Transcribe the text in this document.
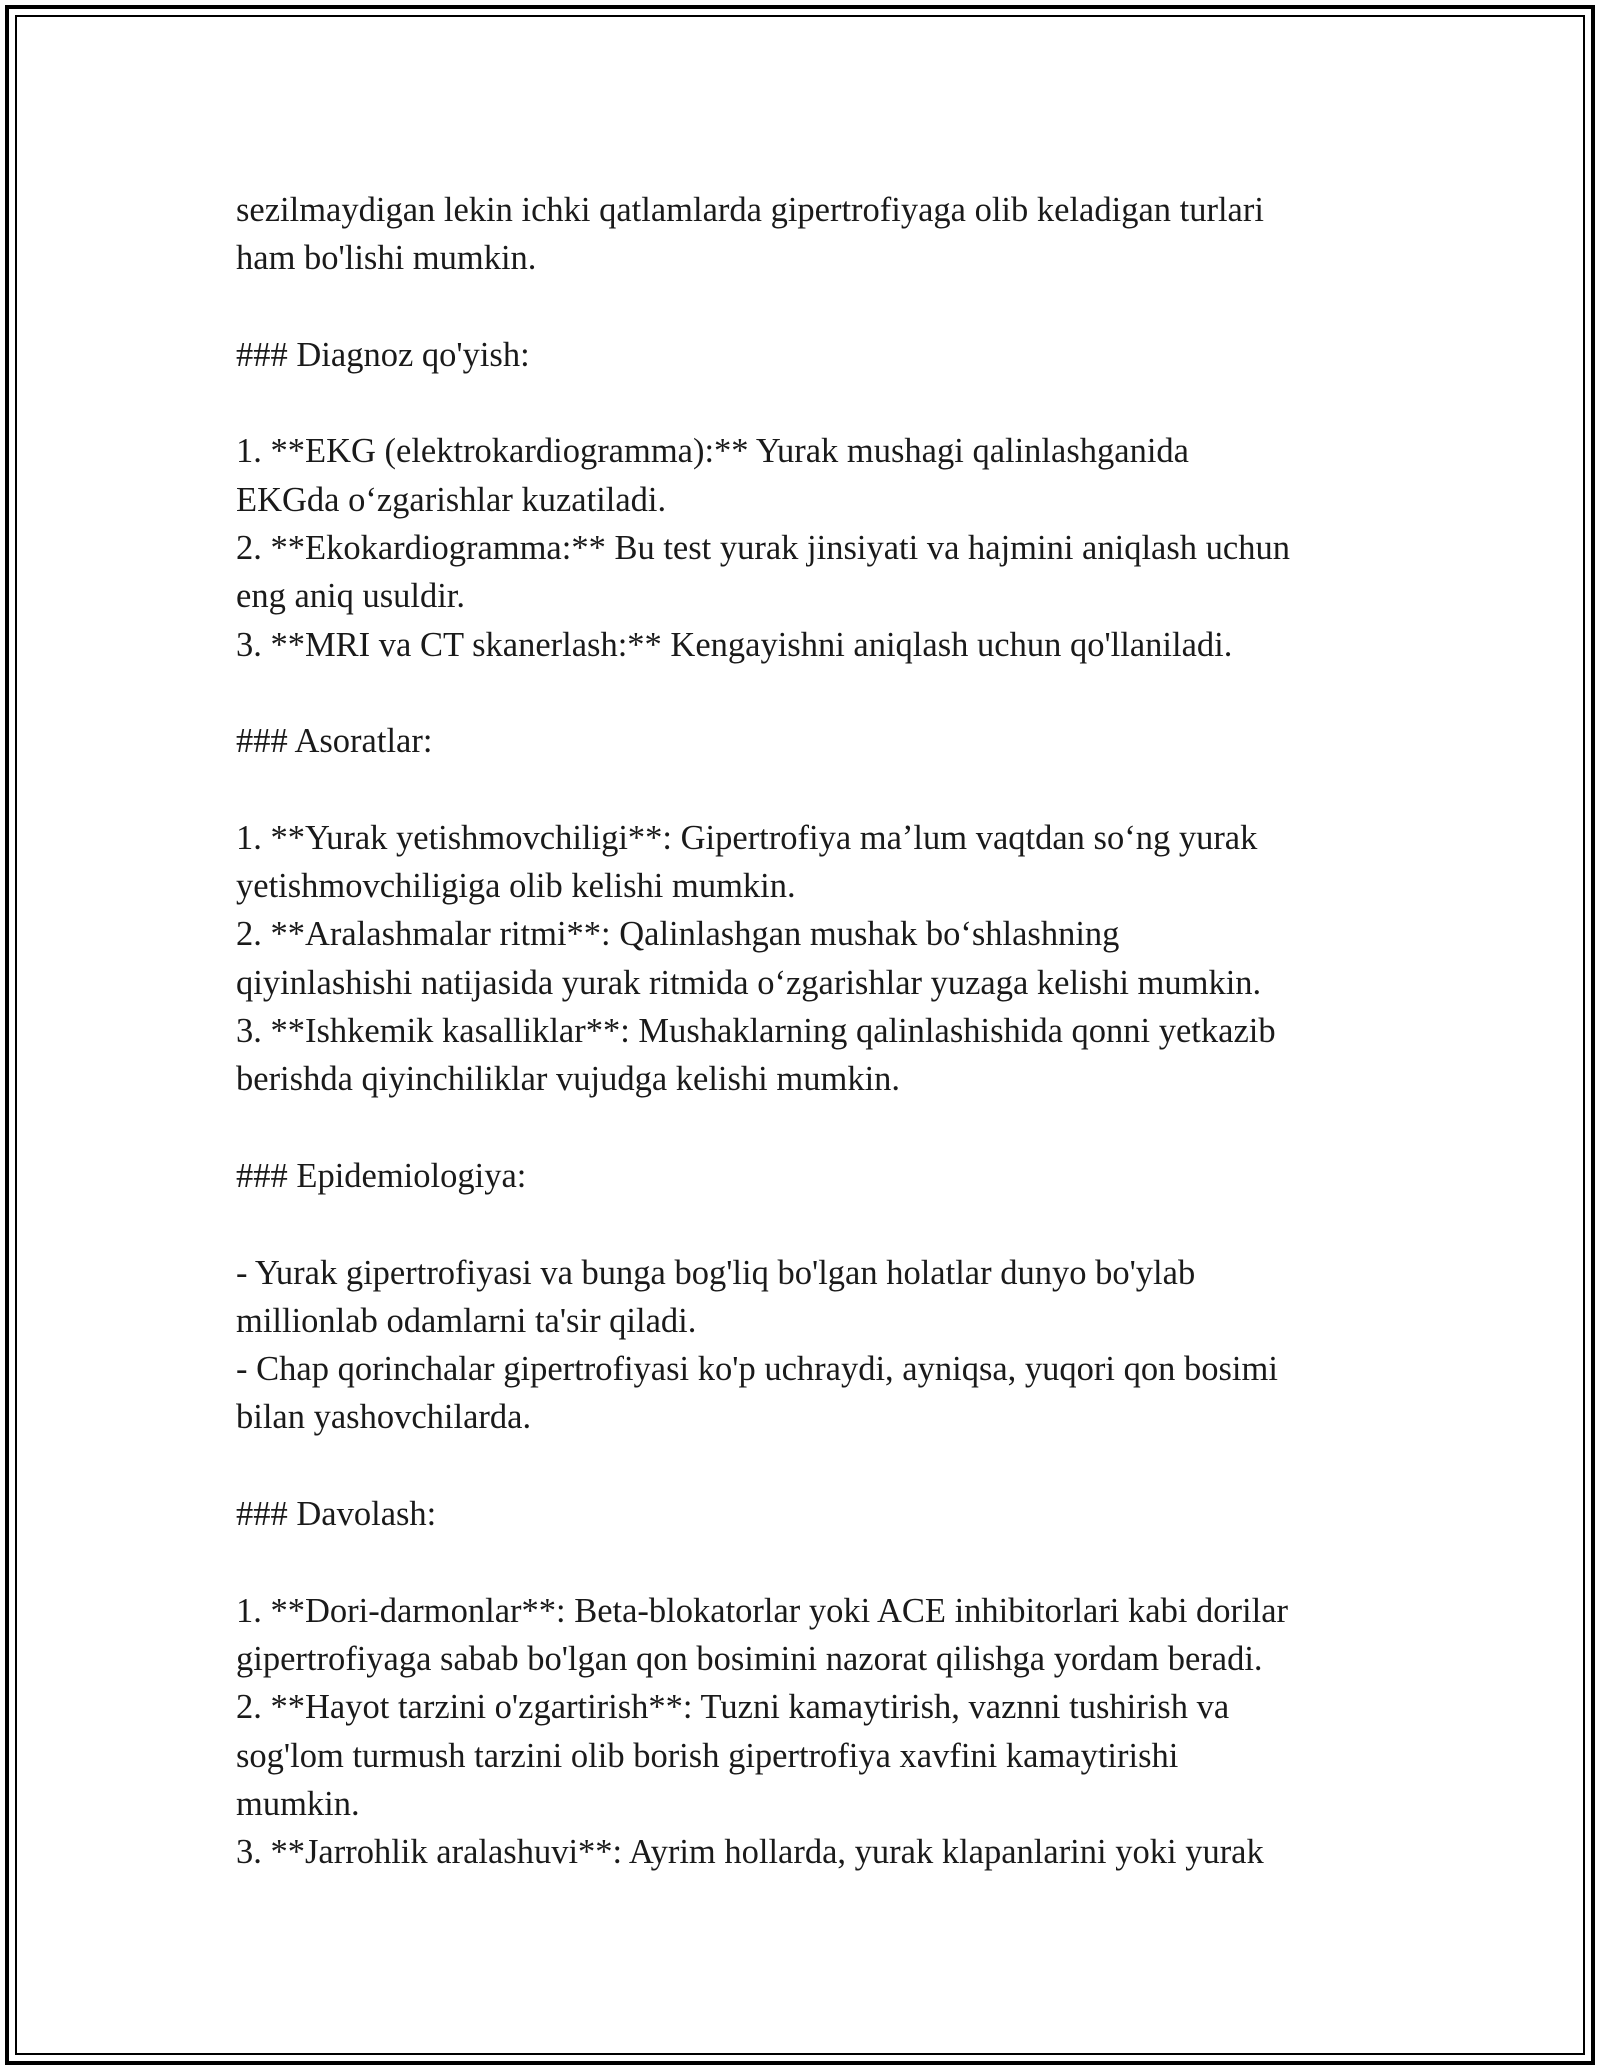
sezilmaydigan lekin ichki qatlamlarda gipertrofiyaga olib keladigan turlari
ham bo'lishi mumkin.
### Diagnoz qo'yish:
1. **EKG (elektrokardiogramma):** Yurak mushagi qalinlashganida
EKGda oʻzgarishlar kuzatiladi.
2. **Ekokardiogramma:** Bu test yurak jinsiyati va hajmini aniqlash uchun
eng aniq usuldir.
3. **MRI va CT skanerlash:** Kengayishni aniqlash uchun qo'llaniladi.
### Asoratlar:
1. **Yurak yetishmovchiligi**: Gipertrofiya maʼlum vaqtdan soʻng yurak
yetishmovchiligiga olib kelishi mumkin.
2. **Aralashmalar ritmi**: Qalinlashgan mushak boʻshlashning
qiyinlashishi natijasida yurak ritmida oʻzgarishlar yuzaga kelishi mumkin.
3. **Ishkemik kasalliklar**: Mushaklarning qalinlashishida qonni yetkazib
berishda qiyinchiliklar vujudga kelishi mumkin.
### Epidemiologiya:
- Yurak gipertrofiyasi va bunga bog'liq bo'lgan holatlar dunyo bo'ylab
millionlab odamlarni ta'sir qiladi.
- Chap qorinchalar gipertrofiyasi ko'p uchraydi, ayniqsa, yuqori qon bosimi
bilan yashovchilarda.
### Davolash:
1. **Dori-darmonlar**: Beta-blokatorlar yoki ACE inhibitorlari kabi dorilar
gipertrofiyaga sabab bo'lgan qon bosimini nazorat qilishga yordam beradi.
2. **Hayot tarzini o'zgartirish**: Tuzni kamaytirish, vaznni tushirish va
sog'lom turmush tarzini olib borish gipertrofiya xavfini kamaytirishi
mumkin.
3. **Jarrohlik aralashuvi**: Ayrim hollarda, yurak klapanlarini yoki yurak
